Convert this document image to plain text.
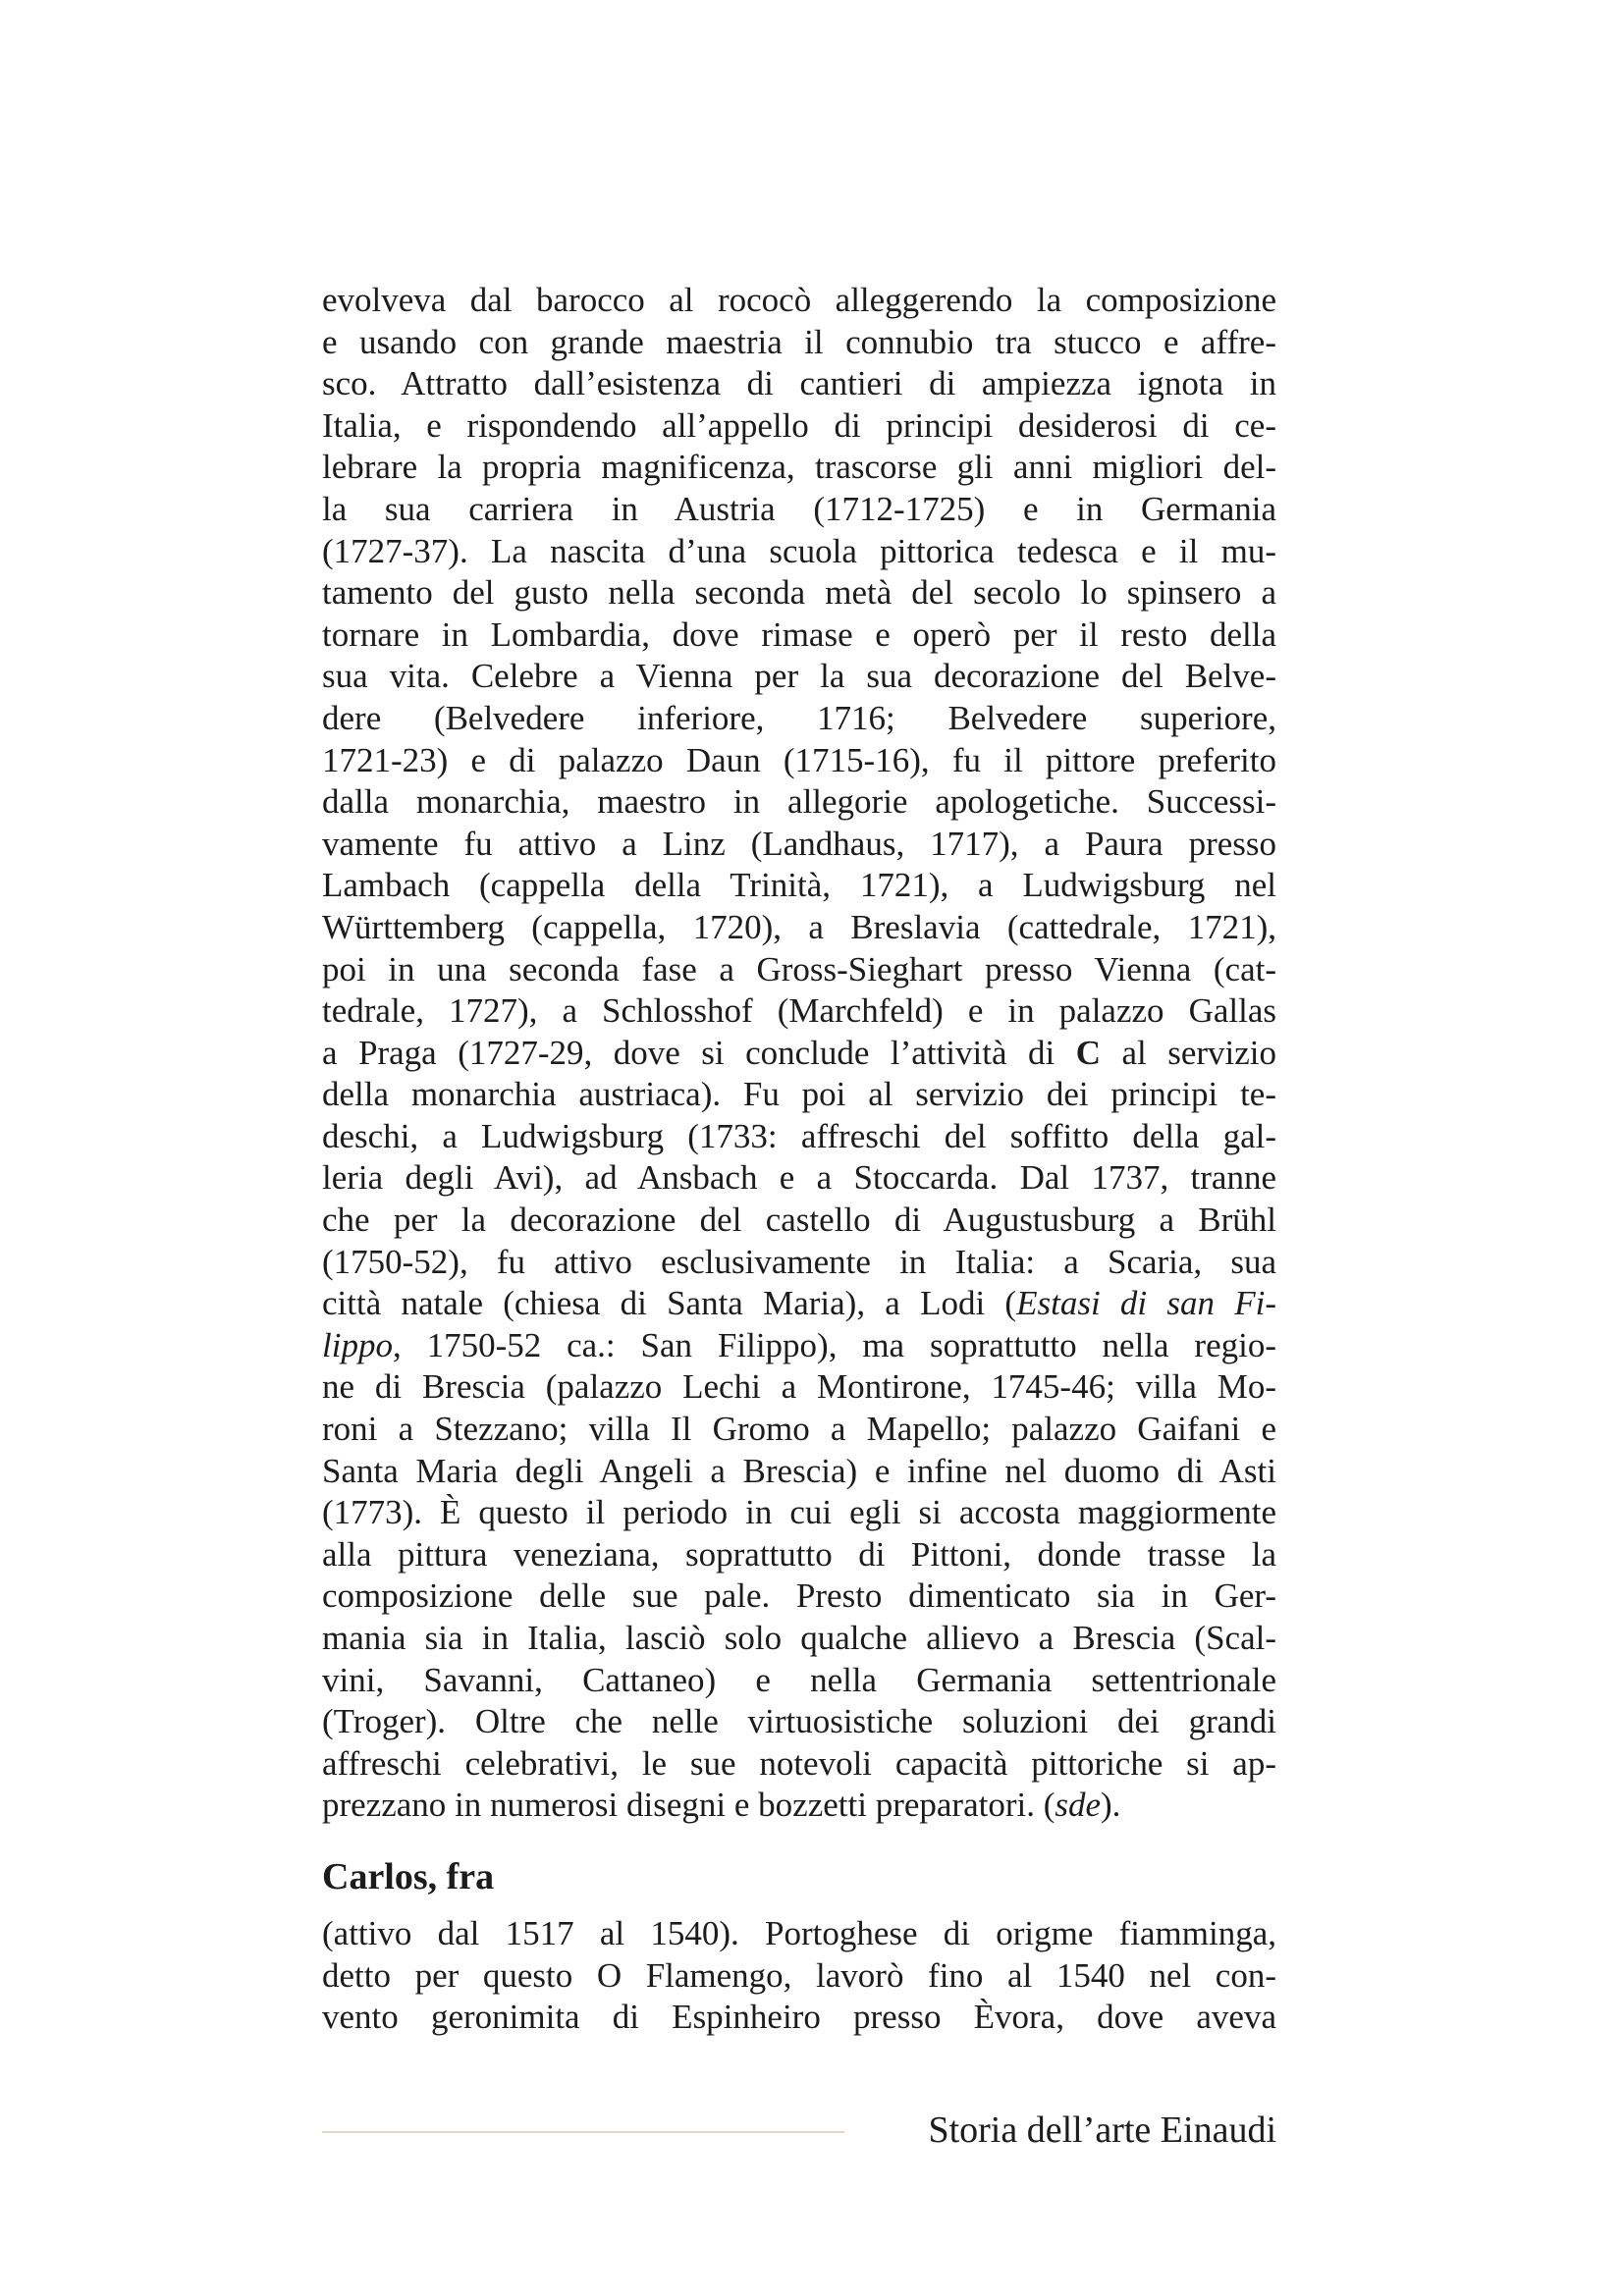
evolveva dal barocco al rococò alleggerendo la composizione
e usando con grande maestria il connubio tra stucco e affre-
sco. Attratto dall’esistenza di cantieri di ampiezza ignota in
Italia, e rispondendo all’appello di principi desiderosi di ce-
lebrare la propria magnificenza, trascorse gli anni migliori del-
la sua carriera in Austria (1712-1725) e in Germania
(1727-37). La nascita d’una scuola pittorica tedesca e il mu-
tamento del gusto nella seconda metà del secolo lo spinsero a
tornare in Lombardia, dove rimase e operò per il resto della
sua vita. Celebre a Vienna per la sua decorazione del Belve-
dere (Belvedere inferiore, 1716; Belvedere superiore,
1721-23) e di palazzo Daun (1715-16), fu il pittore preferito
dalla monarchia, maestro in allegorie apologetiche. Successi-
vamente fu attivo a Linz (Landhaus, 1717), a Paura presso
Lambach (cappella della Trinità, 1721), a Ludwigsburg nel
Württemberg (cappella, 1720), a Breslavia (cattedrale, 1721),
poi in una seconda fase a Gross-Sieghart presso Vienna (cat-
tedrale, 1727), a Schlosshof (Marchfeld) e in palazzo Gallas
a Praga (1727-29, dove si conclude l’attività di C al servizio
della monarchia austriaca). Fu poi al servizio dei principi te-
deschi, a Ludwigsburg (1733: affreschi del soffitto della gal-
leria degli Avi), ad Ansbach e a Stoccarda. Dal 1737, tranne
che per la decorazione del castello di Augustusburg a Brühl
(1750-52), fu attivo esclusivamente in Italia: a Scaria, sua
città natale (chiesa di Santa Maria), a Lodi (Estasi di san Fi-
lippo, 1750-52 ca.: San Filippo), ma soprattutto nella regio-
ne di Brescia (palazzo Lechi a Montirone, 1745-46; villa Mo-
roni a Stezzano; villa Il Gromo a Mapello; palazzo Gaifani e
Santa Maria degli Angeli a Brescia) e infine nel duomo di Asti
(1773). È questo il periodo in cui egli si accosta maggiormente
alla pittura veneziana, soprattutto di Pittoni, donde trasse la
composizione delle sue pale. Presto dimenticato sia in Ger-
mania sia in Italia, lasciò solo qualche allievo a Brescia (Scal-
vini, Savanni, Cattaneo) e nella Germania settentrionale
(Troger). Oltre che nelle virtuosistiche soluzioni dei grandi
affreschi celebrativi, le sue notevoli capacità pittoriche si ap-
prezzano in numerosi disegni e bozzetti preparatori. (sde).
Carlos, fra
(attivo dal 1517 al 1540). Portoghese di origme fiamminga,
detto per questo O Flamengo, lavorò fino al 1540 nel con-
vento geronimita di Espinheiro presso Èvora, dove aveva
Storia dell’arte Einaudi
